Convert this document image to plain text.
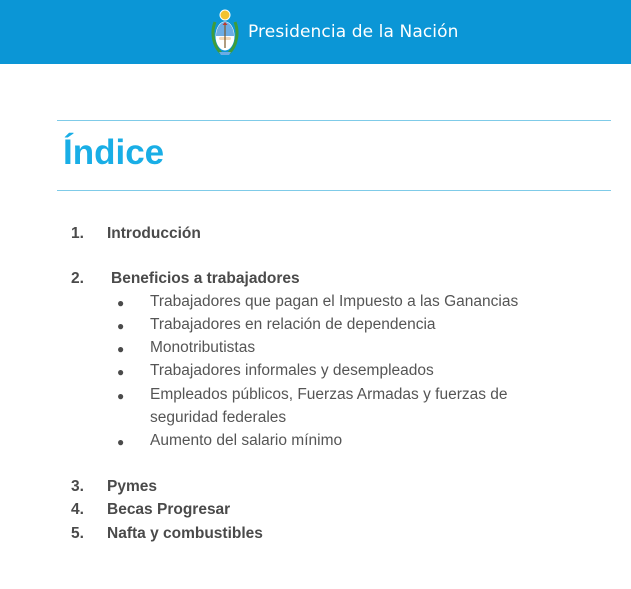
Presidencia de la Nación
Índice
1. Introducción
2. Beneficios a trabajadores
● Trabajadores que pagan el Impuesto a las Ganancias
● Trabajadores en relación de dependencia
● Monotributistas
● Trabajadores informales y desempleados
● Empleados públicos, Fuerzas Armadas y fuerzas de
seguridad federales
● Aumento del salario mínimo
3. Pymes
4. Becas Progresar
5. Nafta y combustibles
